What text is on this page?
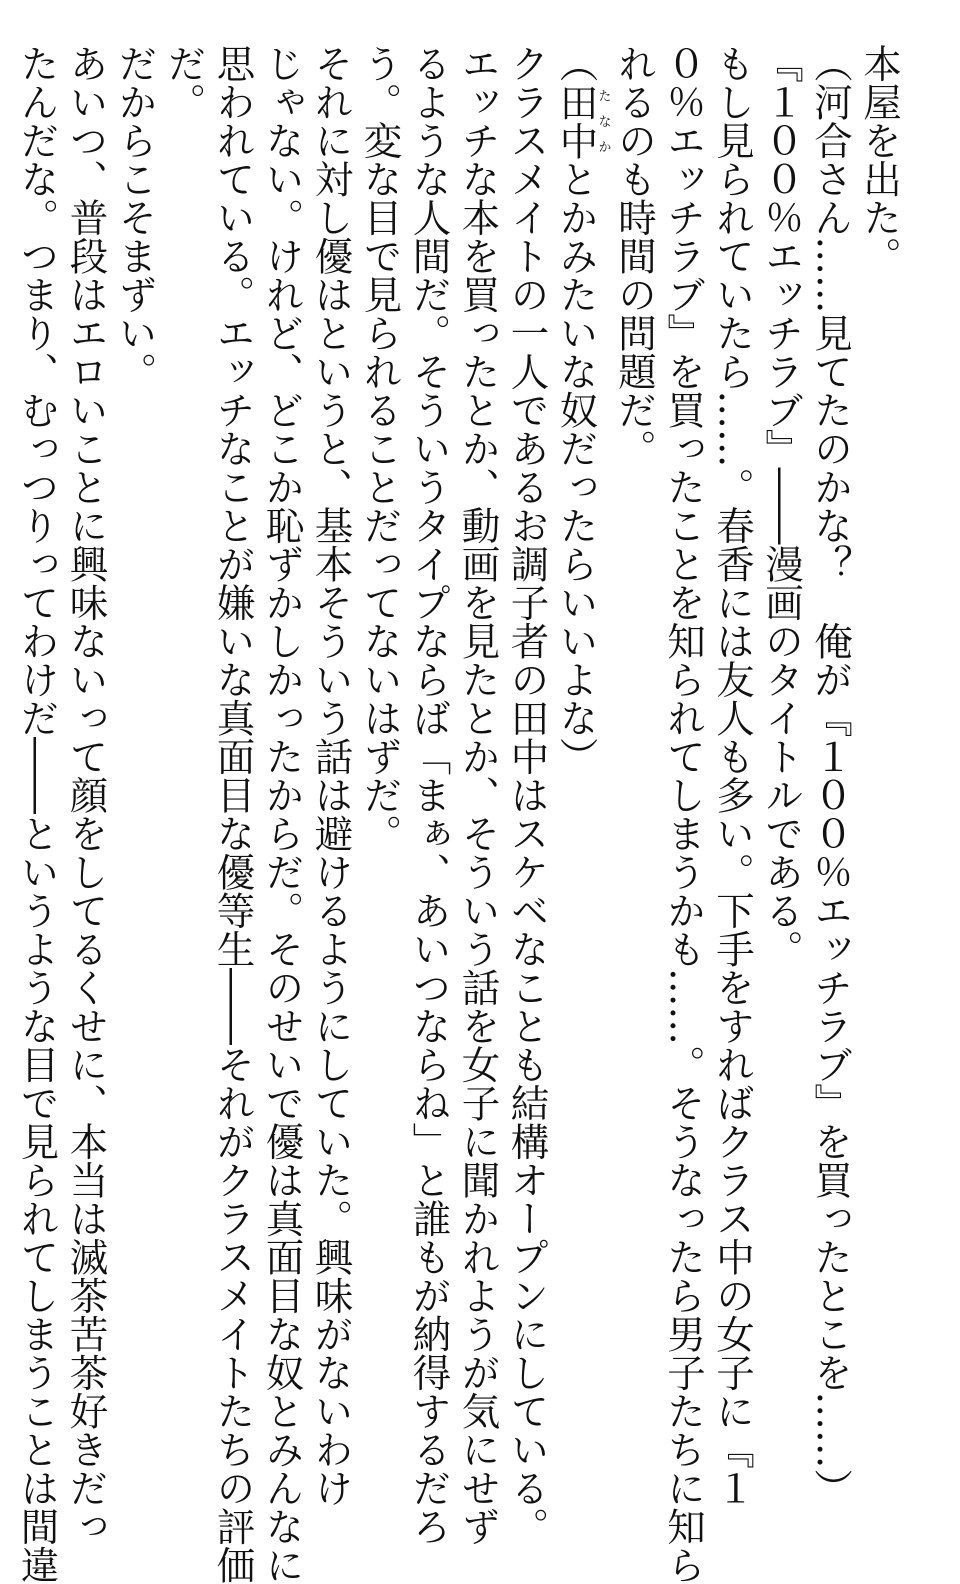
本屋を出た。

（河合さん……見てたのかな？　俺が『１００％エッチラブ』を買ったとこを……）

『１００％エッチラブ』――漫画のタイトルである。

もし見られていたら……。春香には友人も多い。下手をすればクラス中の女子に『１

０％エッチラブ』を買ったことを知られてしまうかも……。そうなったら男子たちに知ら

れるのも時間の問題だ。

（田中たなかとかみたいな奴だったらいいよな）

クラスメイトの一人であるお調子者の田中はスケベなことも結構オープンにしている。

エッチな本を買ったとか、動画を見たとか、そういう話を女子に聞かれようが気にせず

るような人間だ。そういうタイプならば「まぁ、あいつならね」と誰もが納得するだろ

う。変な目で見られることだってないはずだ。

それに対し優はというと、基本そういう話は避けるようにしていた。興味がないわけ

じゃない。けれど、どこか恥ずかしかったからだ。そのせいで優は真面目な奴とみんなに

思われている。エッチなことが嫌いな真面目な優等生――それがクラスメイトたちの評価

だ。

だからこそまずい。

あいつ、普段はエロいことに興味ないって顔をしてるくせに、本当は滅茶苦茶好きだっ

たんだな。つまり、むっつりってわけだ――というような目で見られてしまうことは間違
